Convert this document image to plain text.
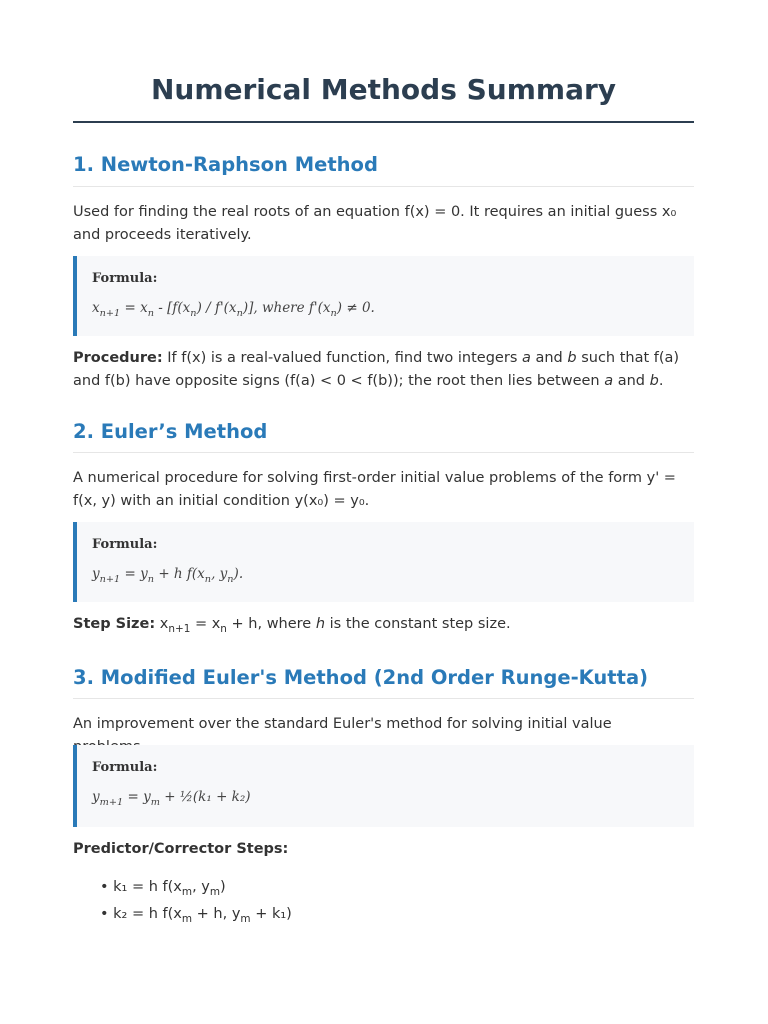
Numerical Methods Summary
1. Newton-Raphson Method

Used for finding the real roots of an equation f(x) = 0. It requires an initial guess x₀ and proceeds iteratively.

Formula:
$x_{n+1} = x_n - [f(x_n) / f'(x_n)]$, where $f'(x_n) \ne 0$.

Procedure: If f(x) is a real-valued function, find two integers a and b such that f(a) and f(b) have opposite signs (f(a) < 0 < f(b)); the root then lies between a and b.

2. Euler’s Method

A numerical procedure for solving first-order initial value problems of the form y' = f(x, y) with an initial condition y(x₀) = y₀.

Formula:
$y_{n+1} = y_n + h$ $f(x_n$, $y_n$).

Step Size: $x_{n+1} = x_n + h$, where h is the constant step size.

3. Modified Euler's Method (2nd Order Runge-Kutta)

An improvement over the standard Euler's method for solving initial value

Formula:
$y_{m+1} = y_m$ + ½(k₁ + k₂)

Predictor/Corrector Steps:

• k₁ = h $f(x_m$, $y_m$)
• k₂ = h $f(x_m + h$, $y_m + k_1$)
